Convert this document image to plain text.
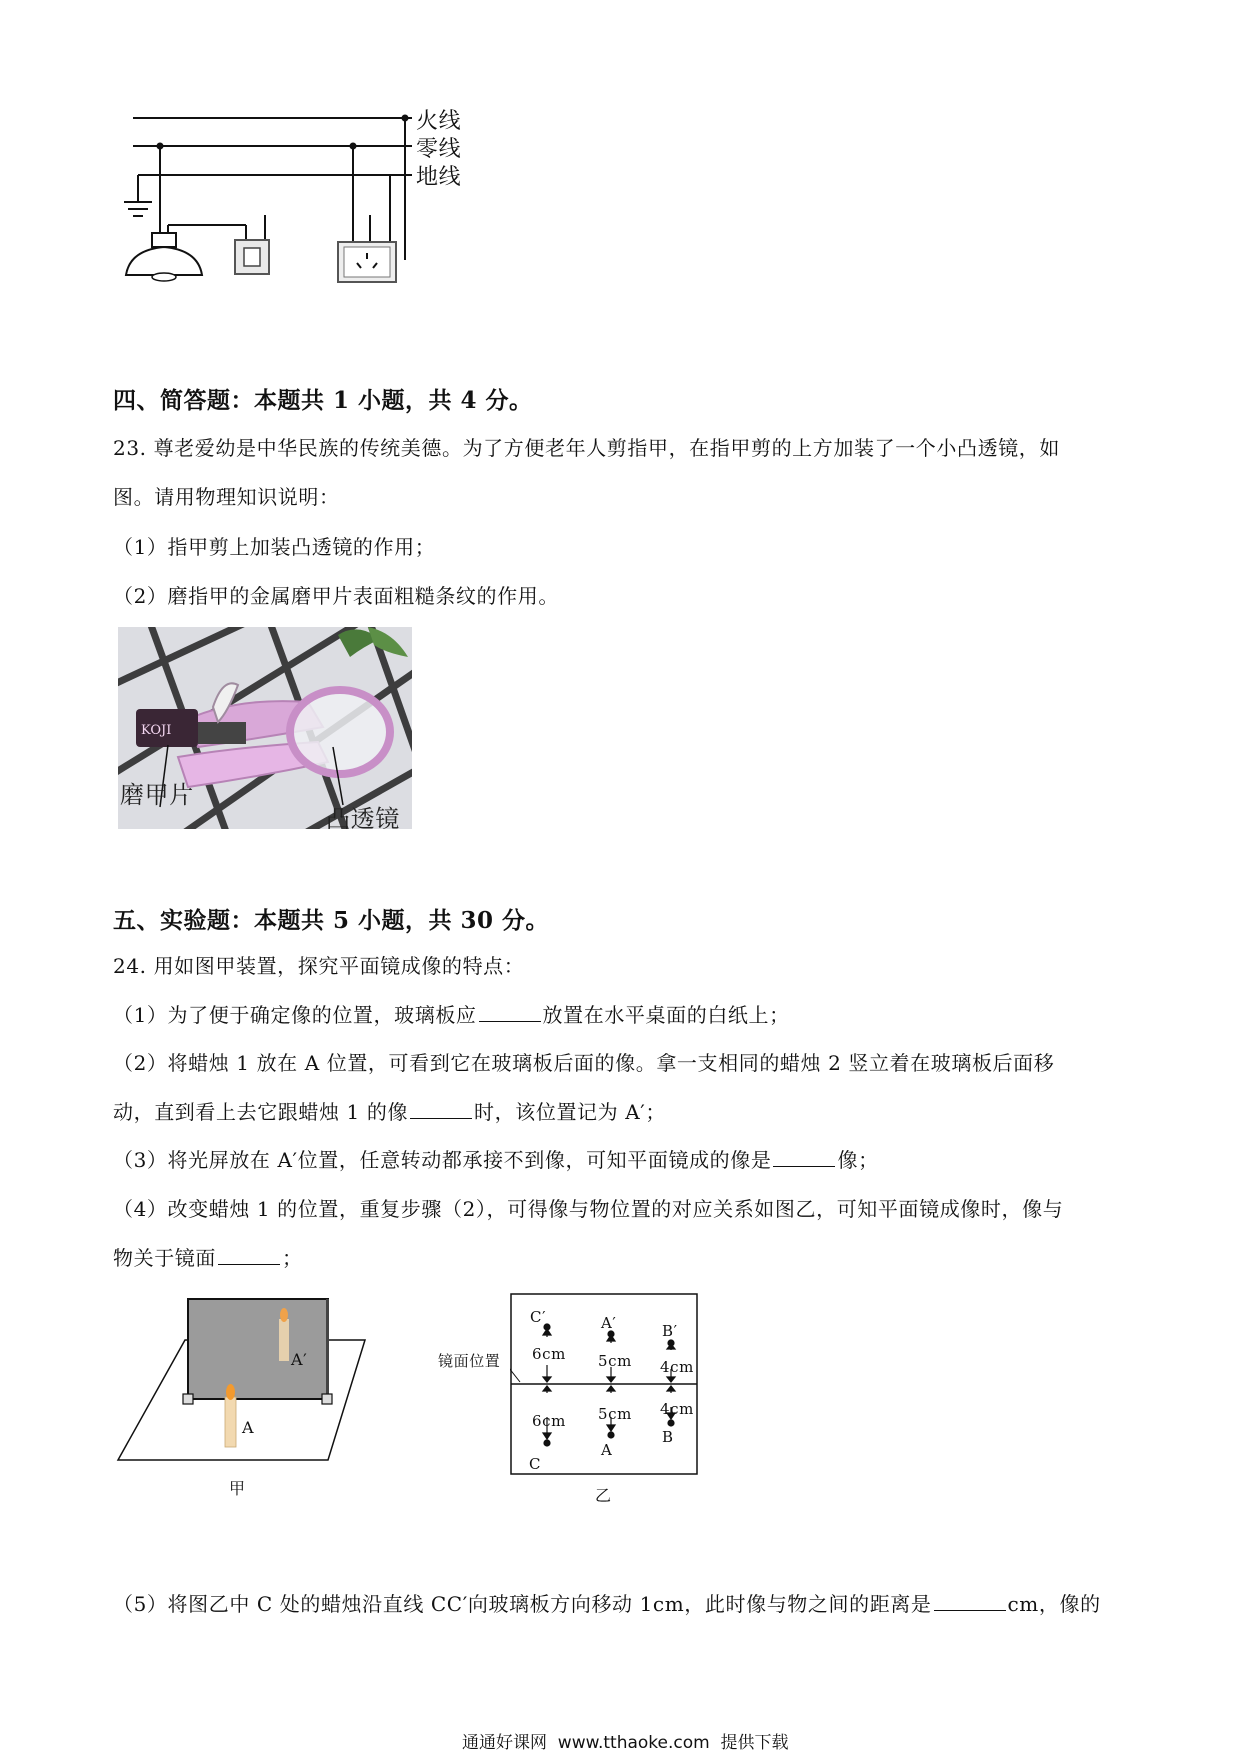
火线
零线
地线
四、简答题：本题共 1 小题，共 4 分。
23. 尊老爱幼是中华民族的传统美德。为了方便老年人剪指甲，在指甲剪的上方加装了一个小凸透镜，如
图。请用物理知识说明：
（1）指甲剪上加装凸透镜的作用；
（2）磨指甲的金属磨甲片表面粗糙条纹的作用。
KOJI
磨甲片
凸透镜
五、实验题：本题共 5 小题，共 30 分。
24. 用如图甲装置，探究平面镜成像的特点：
（1）为了便于确定像的位置，玻璃板应	放置在水平桌面的白纸上；
（2）将蜡烛 1 放在 A 位置，可看到它在玻璃板后面的像。拿一支相同的蜡烛 2 竖立着在玻璃板后面移
动，直到看上去它跟蜡烛 1 的像	时，该位置记为 A′；
（3）将光屏放在 A′位置，任意转动都承接不到像，可知平面镜成的像是	像；
（4）改变蜡烛 1 的位置，重复步骤（2），可得像与物位置的对应关系如图乙，可知平面镜成像时，像与
物关于镜面	；
A′
A
甲
镜面位置
C′	A′	B′
6cm 5cm 4cm
6cm 5cm 4cm
C
A
B
乙
（5）将图乙中 C 处的蜡烛沿直线 CC′向玻璃板方向移动 1cm，此时像与物之间的距离是	cm，像的
通通好课网  www.tthaoke.com  提供下载
